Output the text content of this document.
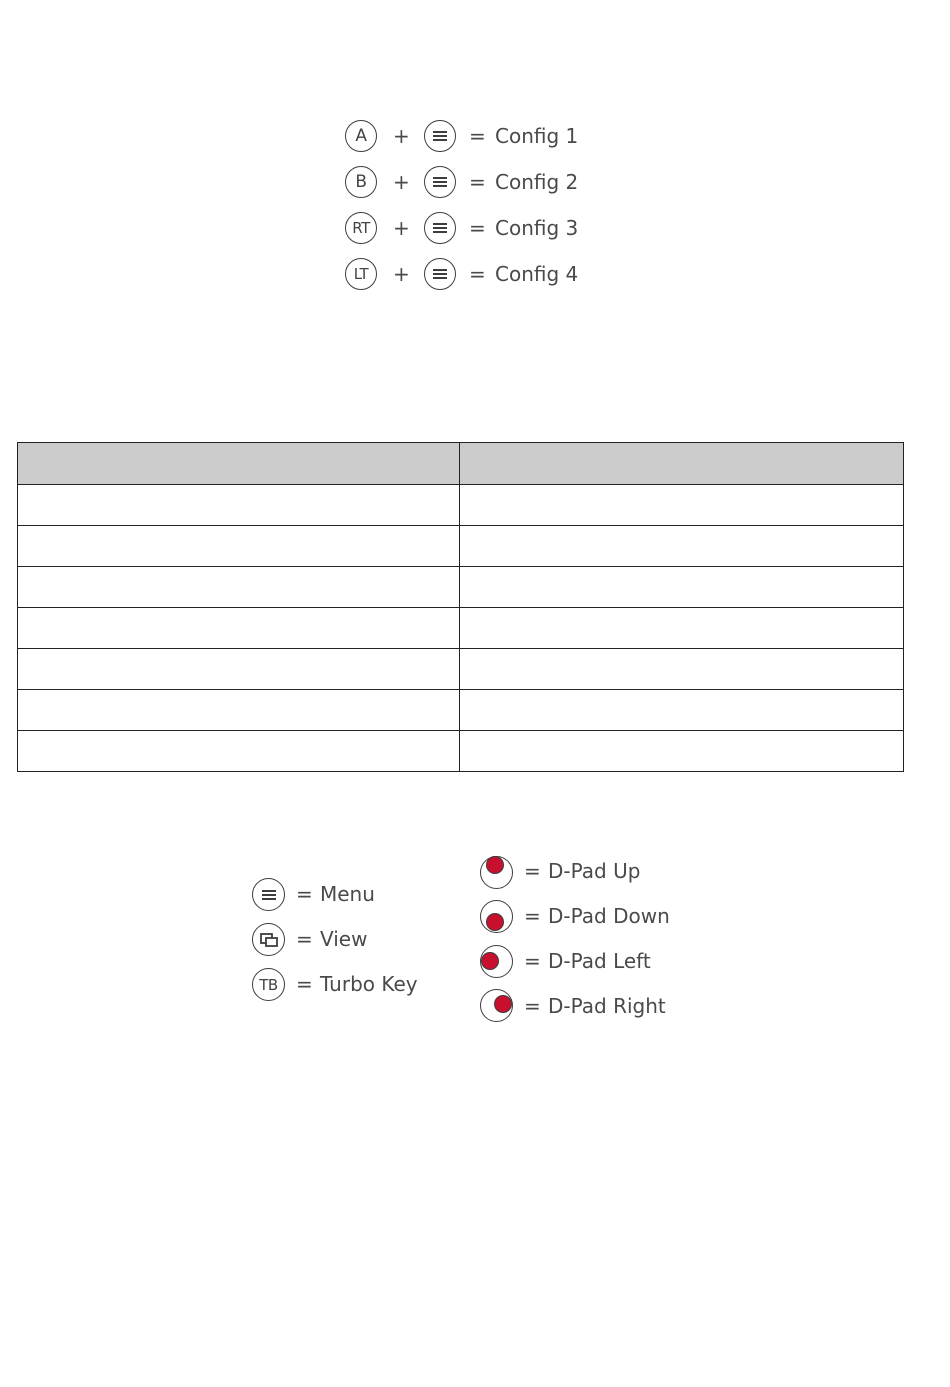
A +	= Config 1
B +	= Config 2
RT +	= Config 3
LT +	= Config 4

= Menu
= View
TB = Turbo Key
= D-Pad Up
= D-Pad Down
= D-Pad Left
= D-Pad Right
